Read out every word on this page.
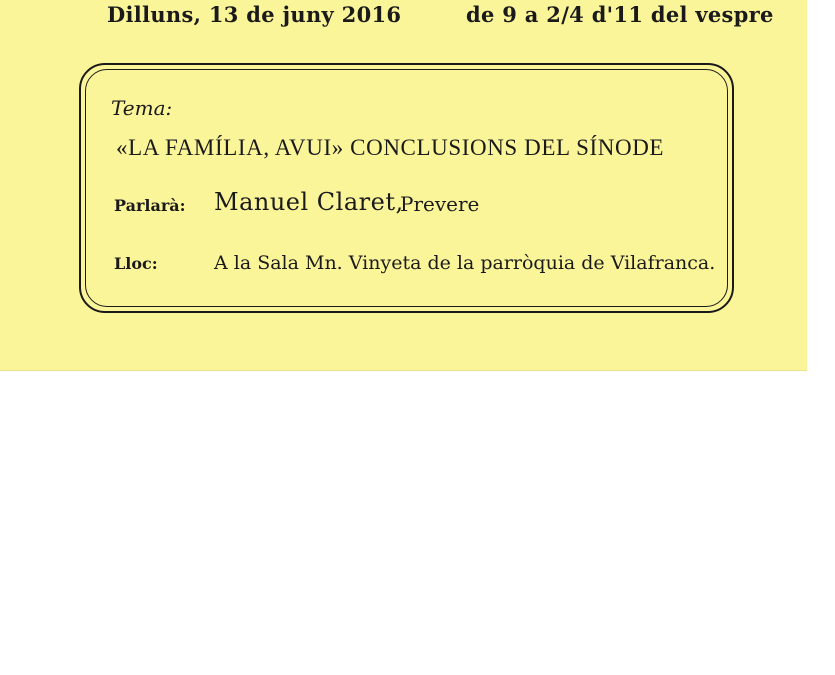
Dilluns, 13 de juny 2016	de 9 a 2/4 d'11 del vespre
Tema:
«LA FAMÍLIA, AVUI» CONCLUSIONS DEL SÍNODE
Parlarà: Manuel Claret,
Prevere
Lloc:	A la Sala Mn. Vinyeta de la parròquia de Vilafranca.
